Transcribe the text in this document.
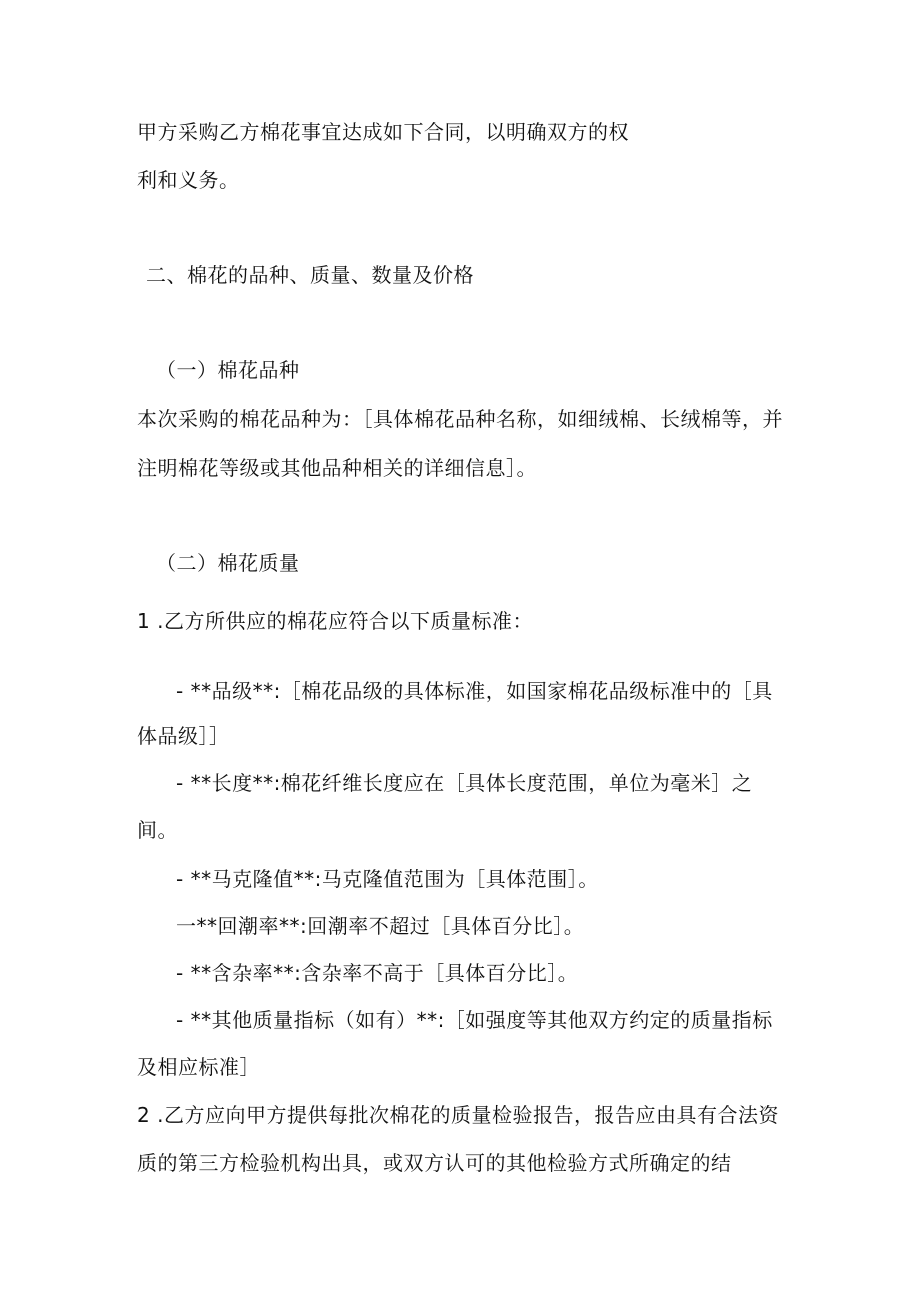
甲方采购乙方棉花事宜达成如下合同，以明确双方的权
利和义务。
二、棉花的品种、质量、数量及价格
（一）棉花品种
本次采购的棉花品种为：［具体棉花品种名称，如细绒棉、长绒棉等，并
注明棉花等级或其他品种相关的详细信息］。
（二）棉花质量
1 .乙方所供应的棉花应符合以下质量标准：
- **品级**:［棉花品级的具体标准，如国家棉花品级标准中的［具
体品级］］
- **长度**:棉花纤维长度应在［具体长度范围，单位为毫米］之
间。
- **马克隆值**:马克隆值范围为［具体范围］。
一**回潮率**:回潮率不超过［具体百分比］。
- **含杂率**:含杂率不高于［具体百分比］。
- **其他质量指标（如有）**:［如强度等其他双方约定的质量指标
及相应标准］
2 .乙方应向甲方提供每批次棉花的质量检验报告，报告应由具有合法资
质的第三方检验机构出具，或双方认可的其他检验方式所确定的结
